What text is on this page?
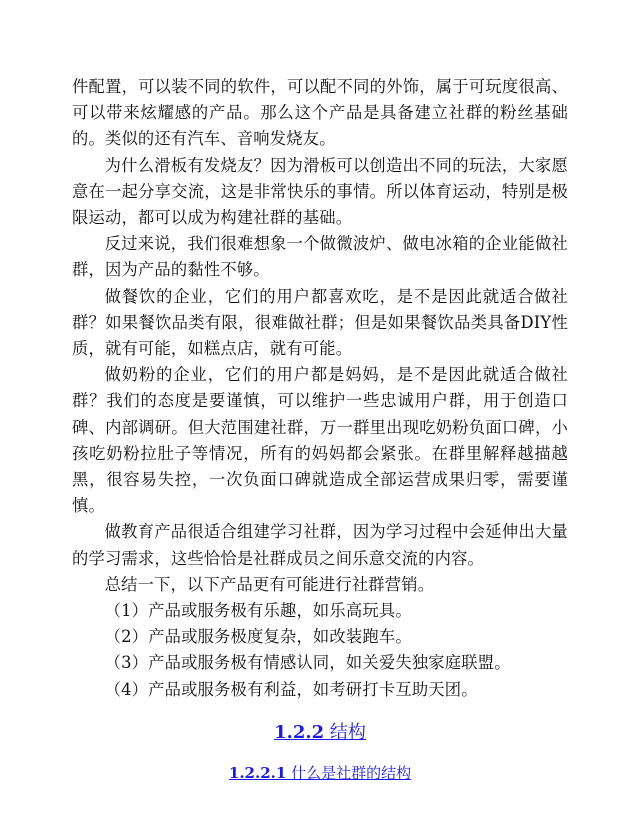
件配置，可以装不同的软件，可以配不同的外饰，属于可玩度很高、可以带来炫耀感的产品。那么这个产品是具备建立社群的粉丝基础的。类似的还有汽车、音响发烧友。

为什么滑板有发烧友？因为滑板可以创造出不同的玩法，大家愿意在一起分享交流，这是非常快乐的事情。所以体育运动，特别是极限运动，都可以成为构建社群的基础。

反过来说，我们很难想象一个做微波炉、做电冰箱的企业能做社群，因为产品的黏性不够。

做餐饮的企业，它们的用户都喜欢吃，是不是因此就适合做社群？如果餐饮品类有限，很难做社群；但是如果餐饮品类具备DIY性质，就有可能，如糕点店，就有可能。

做奶粉的企业，它们的用户都是妈妈，是不是因此就适合做社群？我们的态度是要谨慎，可以维护一些忠诚用户群，用于创造口碑、内部调研。但大范围建社群，万一群里出现吃奶粉负面口碑，小孩吃奶粉拉肚子等情况，所有的妈妈都会紧张。在群里解释越描越黑，很容易失控，一次负面口碑就造成全部运营成果归零，需要谨慎。

做教育产品很适合组建学习社群，因为学习过程中会延伸出大量的学习需求，这些恰恰是社群成员之间乐意交流的内容。

总结一下，以下产品更有可能进行社群营销。

（1）产品或服务极有乐趣，如乐高玩具。

（2）产品或服务极度复杂，如改装跑车。

（3）产品或服务极有情感认同，如关爱失独家庭联盟。

（4）产品或服务极有利益，如考研打卡互助天团。

1.2.2 结构
1.2.2.1 什么是社群的结构
